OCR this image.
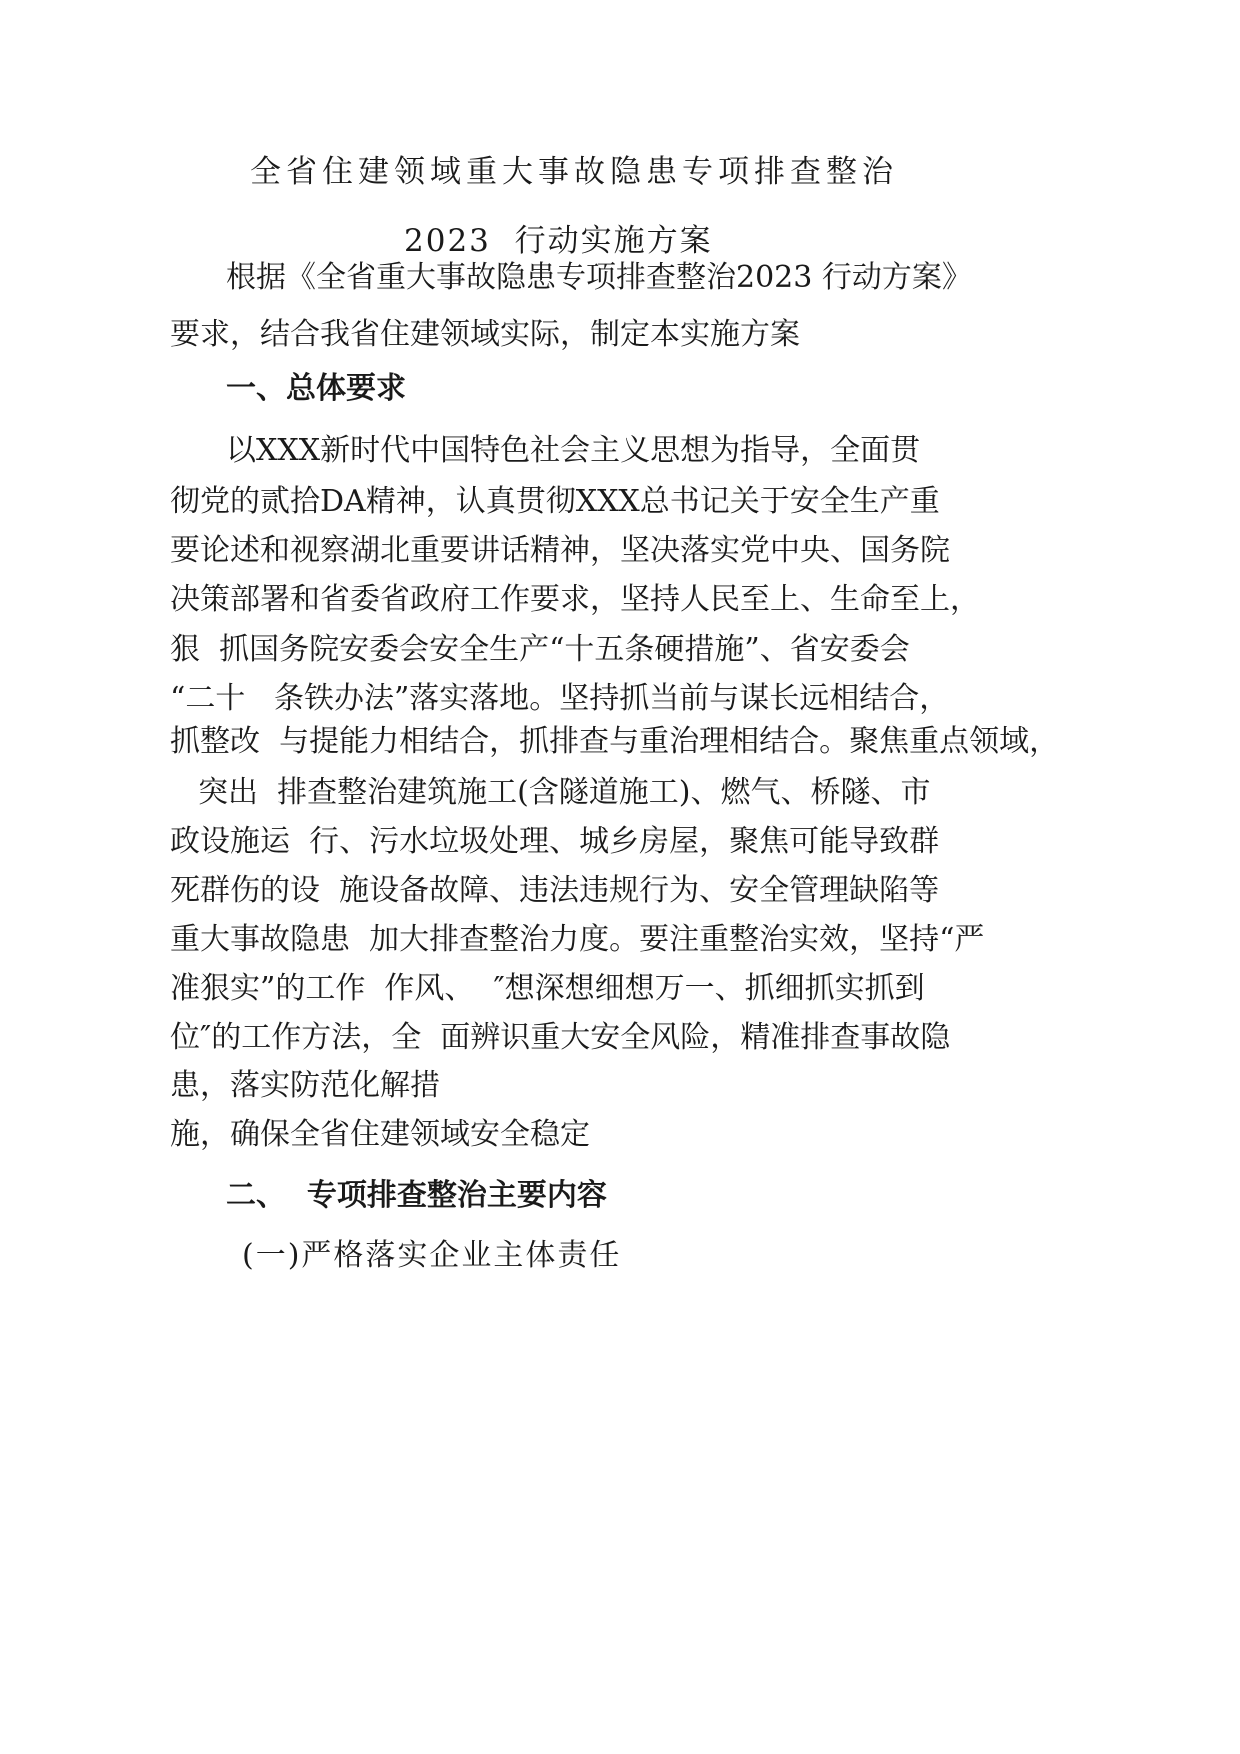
全省住建领域重大事故隐患专项排查整治
2023  行动实施方案
根据《全省重大事故隐患专项排查整治2023 行动方案》
要求，结合我省住建领域实际，制定本实施方案
一、总体要求
以XXX新时代中国特色社会主义思想为指导，全面贯
彻党的贰拾DA精神，认真贯彻XXX总书记关于安全生产重
要论述和视察湖北重要讲话精神，坚决落实党中央、国务院
决策部署和省委省政府工作要求，坚持人民至上、生命至上，
狠  抓国务院安委会安全生产“十五条硬措施”、省安委会
“二十   条铁办法”落实落地。坚持抓当前与谋长远相结合，
抓整改  与提能力相结合，抓排查与重治理相结合。聚焦重点领域，
突出  排查整治建筑施工(含隧道施工)、燃气、桥隧、市
政设施运  行、污水垃圾处理、城乡房屋，聚焦可能导致群
死群伤的设  施设备故障、违法违规行为、安全管理缺陷等
重大事故隐患  加大排查整治力度。要注重整治实效，坚持“严
准狠实”的工作  作风、  ″想深想细想万一、抓细抓实抓到
位″的工作方法，全  面辨识重大安全风险，精准排查事故隐
患，落实防范化解措
施，确保全省住建领域安全稳定
二、  专项排查整治主要内容
(一)严格落实企业主体责任
